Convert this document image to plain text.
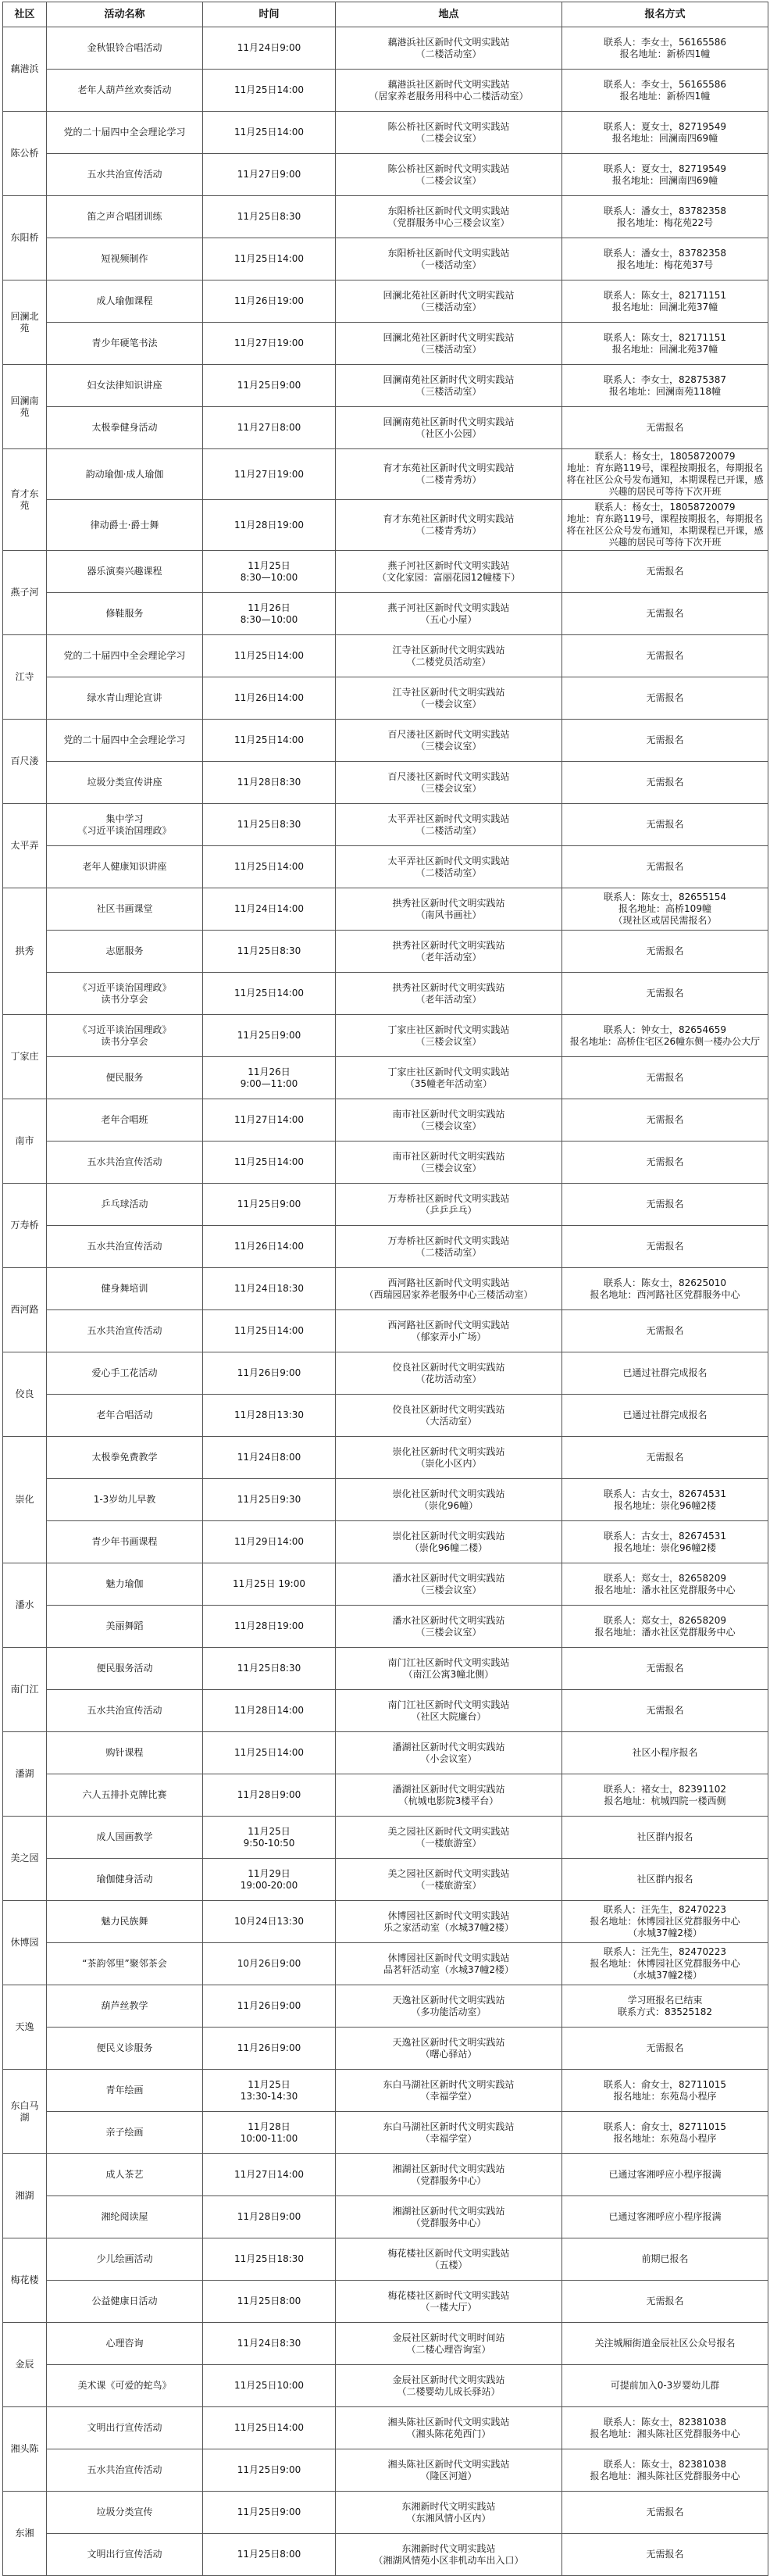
社区	活动名称	时间	地点	报名方式
藕港浜	金秋银铃合唱活动	11月24日9:00	藕港浜社区新时代文明实践站
（二楼活动室）	联系人：李女士，56165586
报名地址：新桥四1幢
	老年人葫芦丝欢奏活动	11月25日14:00	藕港浜社区新时代文明实践站
（居家养老服务用科中心二楼活动室）	联系人：李女士，56165586
报名地址：新桥四1幢
陈公桥	党的二十届四中全会理论学习	11月25日14:00	陈公桥社区新时代文明实践站
（二楼会议室）	联系人：夏女士，82719549
报名地址：回澜南四69幢
	五水共治宣传活动	11月27日9:00	陈公桥社区新时代文明实践站
（二楼会议室）	联系人：夏女士，82719549
报名地址：回澜南四69幢
东阳桥	笛之声合唱团训练	11月25日8:30	东阳桥社区新时代文明实践站
（党群服务中心三楼会议室）	联系人：潘女士，83782358
报名地址：梅花苑22号
	短视频制作	11月25日14:00	东阳桥社区新时代文明实践站
（一楼活动室）	联系人：潘女士，83782358
报名地址：梅花苑37号
回澜北苑	成人瑜伽课程	11月26日19:00	回澜北苑社区新时代文明实践站
（三楼活动室）	联系人：陈女士，82171151
报名地址：回澜北苑37幢
	青少年硬笔书法	11月27日19:00	回澜北苑社区新时代文明实践站
（三楼活动室）	联系人：陈女士，82171151
报名地址：回澜北苑37幢
回澜南苑	妇女法律知识讲座	11月25日9:00	回澜南苑社区新时代文明实践站
（三楼活动室）	联系人：李女士，82875387
报名地址：回澜南苑118幢
	太极拳健身活动	11月27日8:00	回澜南苑社区新时代文明实践站
（社区小公园）	无需报名
育才东苑	韵动瑜伽·成人瑜伽	11月27日19:00	育才东苑社区新时代文明实践站
（二楼青秀坊）	联系人：杨女士，18058720079
地址：育东路119号，课程按期报名，每期报名将在社区公众号发布通知，本期课程已开课，感兴趣的居民可等待下次开班
	律动爵士·爵士舞	11月28日19:00	育才东苑社区新时代文明实践站
（二楼青秀坊）	联系人：杨女士，18058720079
地址：育东路119号，课程按期报名，每期报名将在社区公众号发布通知，本期课程已开课，感兴趣的居民可等待下次开班
燕子河	器乐演奏兴趣课程	11月25日
8:30—10:00	燕子河社区新时代文明实践站
（文化家园：富丽花园12幢楼下）	无需报名
	修鞋服务	11月26日
8:30—10:00	燕子河社区新时代文明实践站
（五心小屋）	无需报名
江寺	党的二十届四中全会理论学习	11月25日14:00	江寺社区新时代文明实践站
（二楼党员活动室）	无需报名
	绿水青山理论宣讲	11月26日14:00	江寺社区新时代文明实践站
（一楼会议室）	无需报名
百尺溇	党的二十届四中全会理论学习	11月25日14:00	百尺溇社区新时代文明实践站
（三楼会议室）	无需报名
	垃圾分类宣传讲座	11月28日8:30	百尺溇社区新时代文明实践站
（三楼会议室）	无需报名
太平弄	集中学习
《习近平谈治国理政》	11月25日8:30	太平弄社区新时代文明实践站
（二楼活动室）	无需报名
	老年人健康知识讲座	11月25日14:00	太平弄社区新时代文明实践站
（二楼活动室）	无需报名
拱秀	社区书画课堂	11月24日14:00	拱秀社区新时代文明实践站
（南风书画社）	联系人：陈女士，82655154
报名地址：高桥109幢
（现社区或居民需报名）
	志愿服务	11月25日8:30	拱秀社区新时代文明实践站
（老年活动室）	无需报名
	《习近平谈治国理政》
读书分享会	11月25日14:00	拱秀社区新时代文明实践站
（老年活动室）	无需报名
丁家庄	《习近平谈治国理政》
读书分享会	11月25日9:00	丁家庄社区新时代文明实践站
（三楼会议室）	联系人：钟女士，82654659
报名地址：高桥住宅区26幢东侧一楼办公大厅
	便民服务	11月26日
9:00—11:00	丁家庄社区新时代文明实践站
（35幢老年活动室）	无需报名
南市	老年合唱班	11月27日14:00	南市社区新时代文明实践站
（三楼会议室）	无需报名
	五水共治宣传活动	11月25日14:00	南市社区新时代文明实践站
（三楼会议室）	无需报名
万寿桥	乒乓球活动	11月25日9:00	万寿桥社区新时代文明实践站
（乒乒乒乓）	无需报名
	五水共治宣传活动	11月26日14:00	万寿桥社区新时代文明实践站
（二楼活动室）	无需报名
西河路	健身舞培训	11月24日18:30	西河路社区新时代文明实践站
（西瑞园居家养老服务中心三楼活动室）	联系人：陈女士，82625010
报名地址：西河路社区党群服务中心
	五水共治宣传活动	11月25日14:00	西河路社区新时代文明实践站
（郁家弄小广场）	无需报名
佼良	爱心手工花活动	11月26日9:00	佼良社区新时代文明实践站
（花坊活动室）	已通过社群完成报名
	老年合唱活动	11月28日13:30	佼良社区新时代文明实践站
（大活动室）	已通过社群完成报名
崇化	太极拳免费教学	11月24日8:00	崇化社区新时代文明实践站
（崇化小区内）	无需报名
	1-3岁幼儿早教	11月25日9:30	崇化社区新时代文明实践站
（崇化96幢）	联系人：古女士，82674531
报名地址：崇化96幢2楼
	青少年书画课程	11月29日14:00	崇化社区新时代文明实践站
（崇化96幢二楼）	联系人：古女士，82674531
报名地址：崇化96幢2楼
潘水	魅力瑜伽	11月25日 19:00	潘水社区新时代文明实践站
（三楼会议室）	联系人：郑女士，82658209
报名地址：潘水社区党群服务中心
	美丽舞蹈	11月28日19:00	潘水社区新时代文明实践站
（三楼会议室）	联系人：郑女士，82658209
报名地址：潘水社区党群服务中心
南门江	便民服务活动	11月25日8:30	南门江社区新时代文明实践站
（南江公寓3幢北侧）	无需报名
	五水共治宣传活动	11月28日14:00	南门江社区新时代文明实践站
（社区大院廉台）	无需报名
潘湖	购针课程	11月25日14:00	潘湖社区新时代文明实践站
（小会议室）	社区小程序报名
	六人五排扑克牌比赛	11月28日9:00	潘湖社区新时代文明实践站
（杭城电影院3楼平台）	联系人：褚女士，82391102
报名地址：杭城四院一楼西侧
美之园	成人国画教学	11月25日
9:50-10:50	美之园社区新时代文明实践站
（一楼旅游室）	社区群内报名
	瑜伽健身活动	11月29日
19:00-20:00	美之园社区新时代文明实践站
（一楼旅游室）	社区群内报名
休博园	魅力民族舞	10月24日13:30	休博园社区新时代文明实践站
乐之家活动室（水城37幢2楼）	联系人：汪先生，82470223
报名地址：休博园社区党群服务中心
（水城37幢2楼）
	“茶韵邻里”聚邻茶会	10月26日9:00	休博园社区新时代文明实践站
品茗轩活动室（水城37幢2楼）	联系人：汪先生，82470223
报名地址：休博园社区党群服务中心
（水城37幢2楼）
天逸	葫芦丝教学	11月26日9:00	天逸社区新时代文明实践站
（多功能活动室）	学习班报名已结束
联系方式：83525182
	便民义诊服务	11月26日9:00	天逸社区新时代文明实践站
（曙心驿站）	无需报名
东白马湖	青年绘画	11月25日
13:30-14:30	东白马湖社区新时代文明实践站
（幸福学堂）	联系人：俞女士，82711015
报名地址：东苑岛小程序
	亲子绘画	11月28日
10:00-11:00	东白马湖社区新时代文明实践站
（幸福学堂）	联系人：俞女士，82711015
报名地址：东苑岛小程序
湘湖	成人茶艺	11月27日14:00	湘湖社区新时代文明实践站
（党群服务中心）	已通过客湘呼应小程序报满
	湘纶阅读屋	11月28日9:00	湘湖社区新时代文明实践站
（党群服务中心）	已通过客湘呼应小程序报满
梅花楼	少儿绘画活动	11月25日18:30	梅花楼社区新时代文明实践站
（五楼）	前期已报名
	公益健康日活动	11月25日8:00	梅花楼社区新时代文明实践站
（一楼大厅）	无需报名
金辰	心理咨询	11月24日8:30	金辰社区新时代文明时间站
（二楼心理咨询室）	关注城厢街道金辰社区公众号报名
	美术课《可爱的蛇鸟》	11月25日10:00	金辰社区新时代文明实践站
（二楼婴幼儿成长驿站）	可提前加入0-3岁婴幼儿群
湘头陈	文明出行宣传活动	11月25日14:00	湘头陈社区新时代文明实践站
（湘头陈花苑西门）	联系人：陈女士，82381038
报名地址：湘头陈社区党群服务中心
	五水共治宣传活动	11月25日9:00	湘头陈社区新时代文明实践站
（隆区河道）	联系人：陈女士，82381038
报名地址：湘头陈社区党群服务中心
东湘	垃圾分类宣传	11月25日9:00	东湘新时代文明实践站
（东湘风情小区内）	无需报名
	文明出行宣传活动	11月25日8:00	东湘新时代文明实践站
（湘湖风情苑小区非机动车出入口）	无需报名
